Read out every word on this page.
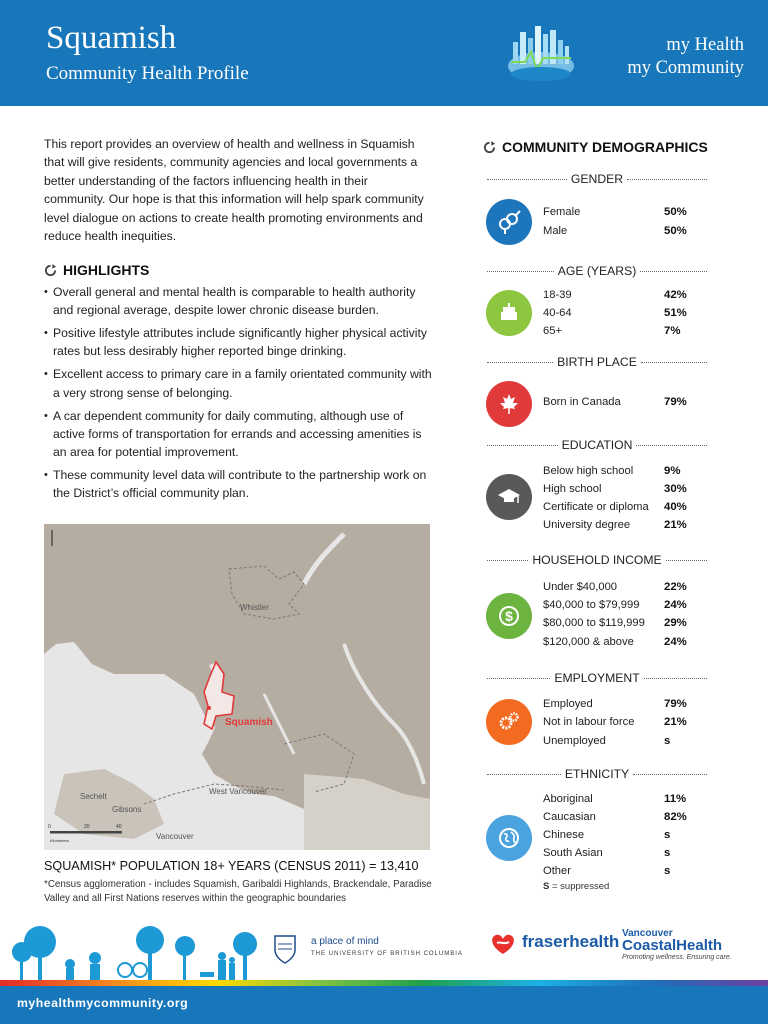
Squamish
Community Health Profile
my Health
my Community
This report provides an overview of health and wellness in Squamish that will give residents, community agencies and local governments a better understanding of the factors influencing health in their community. Our hope is that this information will help spark community level dialogue on actions to create health promoting environments and reduce health inequities.
HIGHLIGHTS
• Overall general and mental health is comparable to health authority and regional average, despite lower chronic disease burden.
• Positive lifestyle attributes include significantly higher physical activity rates but less desirably higher reported binge drinking.
• Excellent access to primary care in a family orientated community with a very strong sense of belonging.
• A car dependent community for daily commuting, although use of active forms of transportation for errands and accessing amenities is an area for potential improvement.
• These community level data will contribute to the partnership work on the District’s official community plan.
Squamish
Whistler
Sechelt
Gibsons
West Vancouver
Vancouver
0	20	40
Kilometers
SQUAMISH* POPULATION 18+ YEARS (CENSUS 2011) = 13,410
*Census agglomeration - includes Squamish, Garibaldi Highlands, Brackendale, Paradise Valley and all First Nations reserves within the geographic boundaries
COMMUNITY DEMOGRAPHICS
GENDER
Female	50%
Male	50%
AGE (YEARS)
18-39	42%
40-64	51%
65+	7%
BIRTH PLACE
Born in Canada	79%
EDUCATION
Below high school	9%
High school	30%
Certificate or diploma 40%
University degree	21%
HOUSEHOLD INCOME
$
Under $40,000	22%
$40,000 to $79,999 24%
$80,000 to $119,999 29%
$120,000 & above	24%
EMPLOYMENT
Employed	79%
Not in labour force	21%
Unemployed	s
ETHNICITY
Aboriginal	11%
Caucasian	82%
Chinese	s
South Asian	s
Other	s
S = suppressed
a place of mind
THE UNIVERSITY OF BRITISH COLUMBIA
fraserhealth Vancouver
CoastalHealth
Promoting wellness. Ensuring care.
myhealthmycommunity.org
